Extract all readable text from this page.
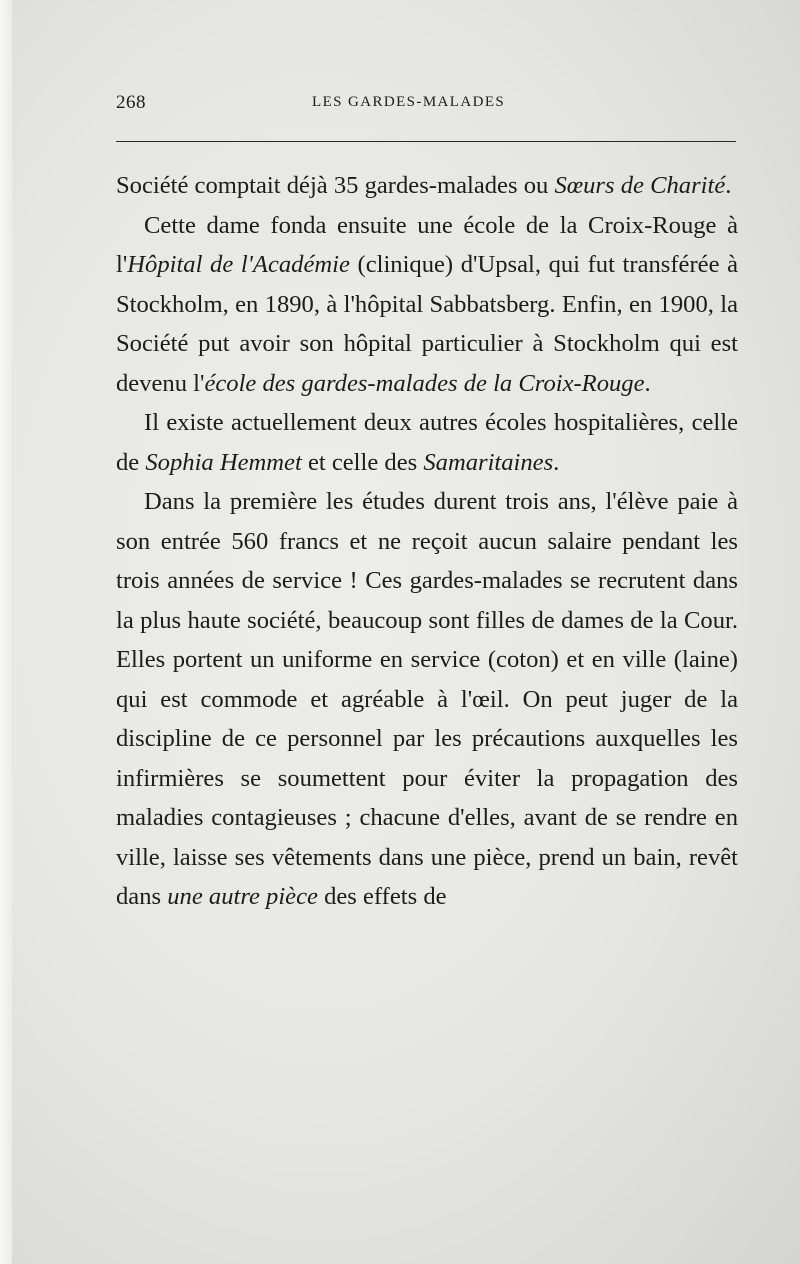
268	LES GARDES-MALADES

Société comptait déjà 35 gardes-malades ou Sœurs de Charité.

Cette dame fonda ensuite une école de la Croix-Rouge à l'Hôpital de l'Académie (clinique) d'Upsal, qui fut transférée à Stockholm, en 1890, à l'hôpital Sabbatsberg. Enfin, en 1900, la Société put avoir son hôpital particulier à Stockholm qui est devenu l'école des gardes-malades de la Croix-Rouge.

Il existe actuellement deux autres écoles hospitalières, celle de Sophia Hemmet et celle des Samaritaines.

Dans la première les études durent trois ans, l'élève paie à son entrée 560 francs et ne reçoit aucun salaire pendant les trois années de service ! Ces gardes-malades se recrutent dans la plus haute société, beaucoup sont filles de dames de la Cour. Elles portent un uniforme en service (coton) et en ville (laine) qui est commode et agréable à l'œil. On peut juger de la discipline de ce personnel par les précautions auxquelles les infirmières se soumettent pour éviter la propagation des maladies contagieuses ; chacune d'elles, avant de se rendre en ville, laisse ses vêtements dans une pièce, prend un bain, revêt dans une autre pièce des effets de
